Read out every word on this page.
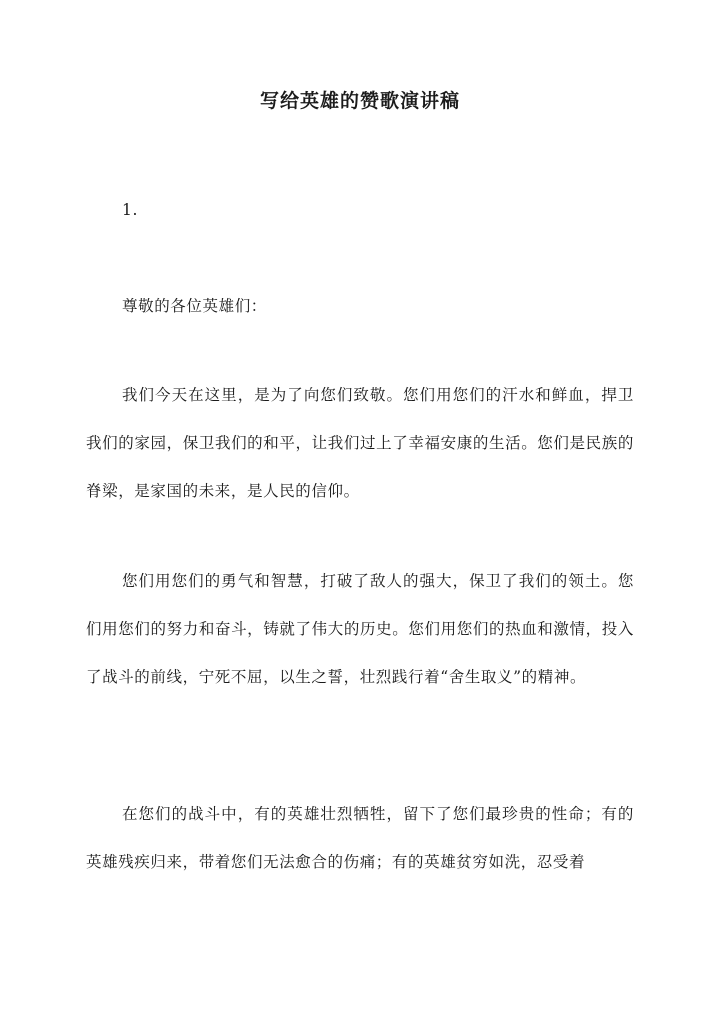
写给英雄的赞歌演讲稿

1.

尊敬的各位英雄们：

我们今天在这里，是为了向您们致敬。您们用您们的汗水和鲜血，捍卫我们的家园，保卫我们的和平，让我们过上了幸福安康的生活。您们是民族的脊梁，是家国的未来，是人民的信仰。

您们用您们的勇气和智慧，打破了敌人的强大，保卫了我们的领土。您们用您们的努力和奋斗，铸就了伟大的历史。您们用您们的热血和激情，投入了战斗的前线，宁死不屈，以生之誓，壮烈践行着“舍生取义”的精神。

在您们的战斗中，有的英雄壮烈牺牲，留下了您们最珍贵的性命；有的英雄残疾归来，带着您们无法愈合的伤痛；有的英雄贫穷如洗，忍受着
